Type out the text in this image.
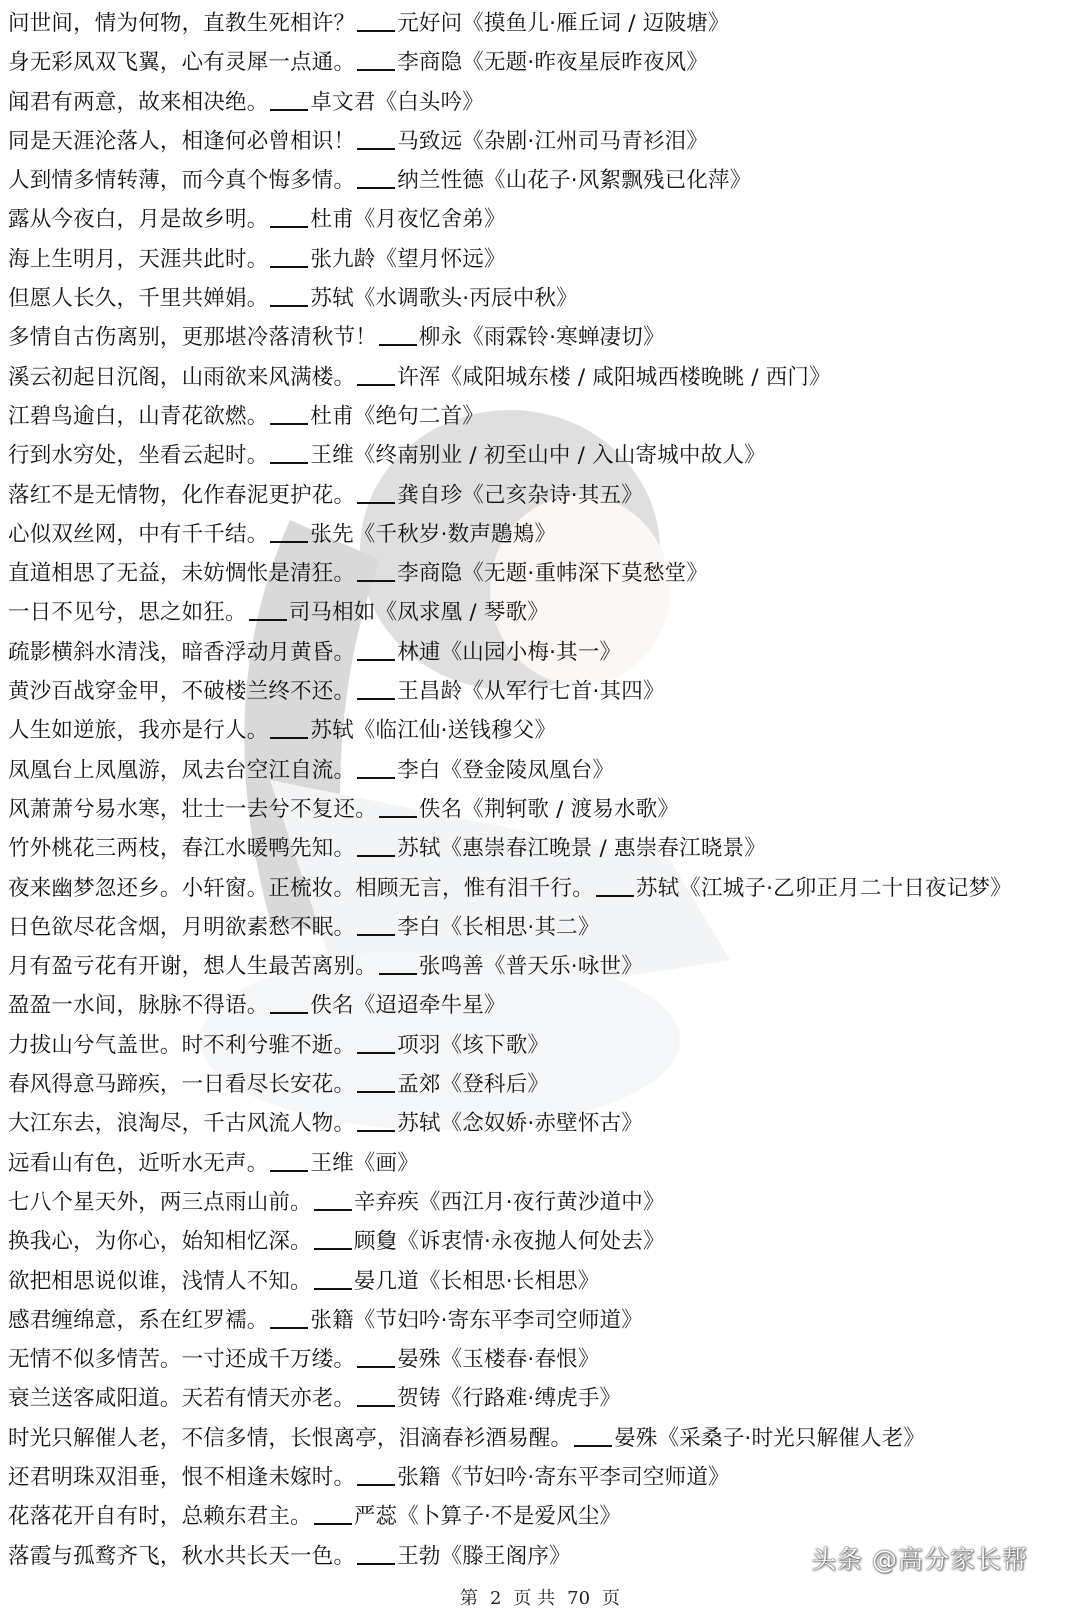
问世间，情为何物，直教生死相许？ 元好问《摸鱼儿·雁丘词 / 迈陂塘》
身无彩凤双飞翼，心有灵犀一点通。 李商隐《无题·昨夜星辰昨夜风》
闻君有两意，故来相决绝。 卓文君《白头吟》
同是天涯沦落人，相逢何必曾相识！ 马致远《杂剧·江州司马青衫泪》
人到情多情转薄，而今真个悔多情。 纳兰性德《山花子·风絮飘残已化萍》
露从今夜白，月是故乡明。 杜甫《月夜忆舍弟》
海上生明月，天涯共此时。 张九龄《望月怀远》
但愿人长久，千里共婵娟。 苏轼《水调歌头·丙辰中秋》
多情自古伤离别，更那堪冷落清秋节！ 柳永《雨霖铃·寒蝉凄切》
溪云初起日沉阁，山雨欲来风满楼。 许浑《咸阳城东楼 / 咸阳城西楼晚眺 / 西门》
江碧鸟逾白，山青花欲燃。 杜甫《绝句二首》
行到水穷处，坐看云起时。 王维《终南别业 / 初至山中 / 入山寄城中故人》
落红不是无情物，化作春泥更护花。 龚自珍《己亥杂诗·其五》
心似双丝网，中有千千结。 张先《千秋岁·数声鶗鴂》
直道相思了无益，未妨惆怅是清狂。 李商隐《无题·重帏深下莫愁堂》
一日不见兮，思之如狂。 司马相如《凤求凰 / 琴歌》
疏影横斜水清浅，暗香浮动月黄昏。 林逋《山园小梅·其一》
黄沙百战穿金甲，不破楼兰终不还。 王昌龄《从军行七首·其四》
人生如逆旅，我亦是行人。 苏轼《临江仙·送钱穆父》
凤凰台上凤凰游，凤去台空江自流。 李白《登金陵凤凰台》
风萧萧兮易水寒，壮士一去兮不复还。 佚名《荆轲歌 / 渡易水歌》
竹外桃花三两枝，春江水暖鸭先知。 苏轼《惠崇春江晚景 / 惠崇春江晓景》
夜来幽梦忽还乡。小轩窗。正梳妆。相顾无言，惟有泪千行。 苏轼《江城子·乙卯正月二十日夜记梦》
日色欲尽花含烟，月明欲素愁不眠。 李白《长相思·其二》
月有盈亏花有开谢，想人生最苦离别。 张鸣善《普天乐·咏世》
盈盈一水间，脉脉不得语。 佚名《迢迢牵牛星》
力拔山兮气盖世。时不利兮骓不逝。 项羽《垓下歌》
春风得意马蹄疾，一日看尽长安花。 孟郊《登科后》
大江东去，浪淘尽，千古风流人物。 苏轼《念奴娇·赤壁怀古》
远看山有色，近听水无声。 王维《画》
七八个星天外，两三点雨山前。 辛弃疾《西江月·夜行黄沙道中》
换我心，为你心，始知相忆深。 顾敻《诉衷情·永夜抛人何处去》
欲把相思说似谁，浅情人不知。 晏几道《长相思·长相思》
感君缠绵意，系在红罗襦。 张籍《节妇吟·寄东平李司空师道》
无情不似多情苦。一寸还成千万缕。 晏殊《玉楼春·春恨》
衰兰送客咸阳道。天若有情天亦老。 贺铸《行路难·缚虎手》
时光只解催人老，不信多情，长恨离亭，泪滴春衫酒易醒。 晏殊《采桑子·时光只解催人老》
还君明珠双泪垂，恨不相逢未嫁时。 张籍《节妇吟·寄东平李司空师道》
花落花开自有时，总赖东君主。 严蕊《卜算子·不是爱风尘》
落霞与孤鹜齐飞，秋水共长天一色。 王勃《滕王阁序》	头条 @高分家长帮
第 2 页 共 70 页
